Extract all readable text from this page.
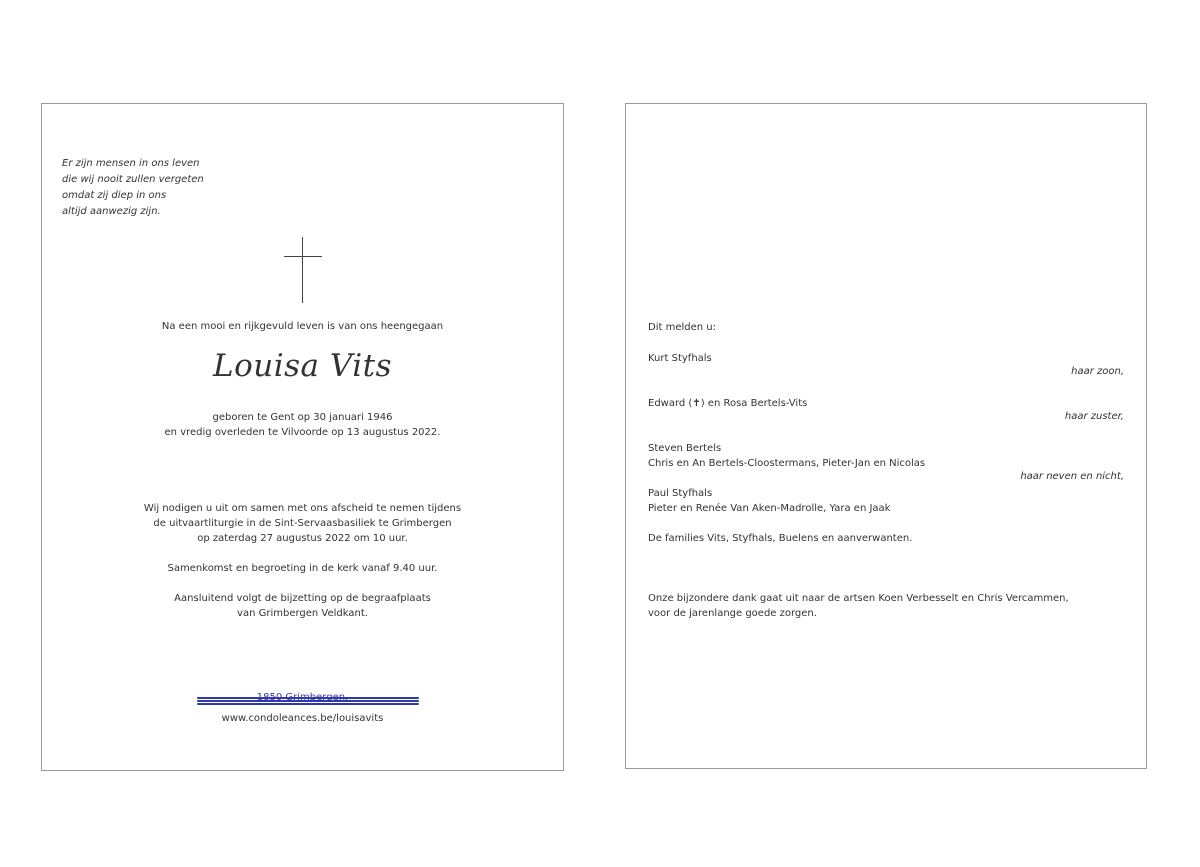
Er zijn mensen in ons leven
die wij nooit zullen vergeten
omdat zij diep in ons
altijd aanwezig zijn.
Na een mooi en rijkgevuld leven is van ons heengegaan
Louisa Vits
geboren te Gent op 30 januari 1946
en vredig overleden te Vilvoorde op 13 augustus 2022.
Wij nodigen u uit om samen met ons afscheid te nemen tijdens
de uitvaartliturgie in de Sint-Servaasbasiliek te Grimbergen
op zaterdag 27 augustus 2022 om 10 uur.
Samenkomst en begroeting in de kerk vanaf 9.40 uur.
Aansluitend volgt de bijzetting op de begraafplaats
van Grimbergen Veldkant.
www.condoleances.be/louisavits
Dit melden u:
Kurt Styfhals
haar zoon,
Edward (✝) en Rosa Bertels-Vits
haar zuster,
Steven Bertels
Chris en An Bertels-Cloostermans, Pieter-Jan en Nicolas
haar neven en nicht,
Paul Styfhals
Pieter en Renée Van Aken-Madrolle, Yara en Jaak
De families Vits, Styfhals, Buelens en aanverwanten.
Onze bijzondere dank gaat uit naar de artsen Koen Verbesselt en Chris Vercammen,
voor de jarenlange goede zorgen.
